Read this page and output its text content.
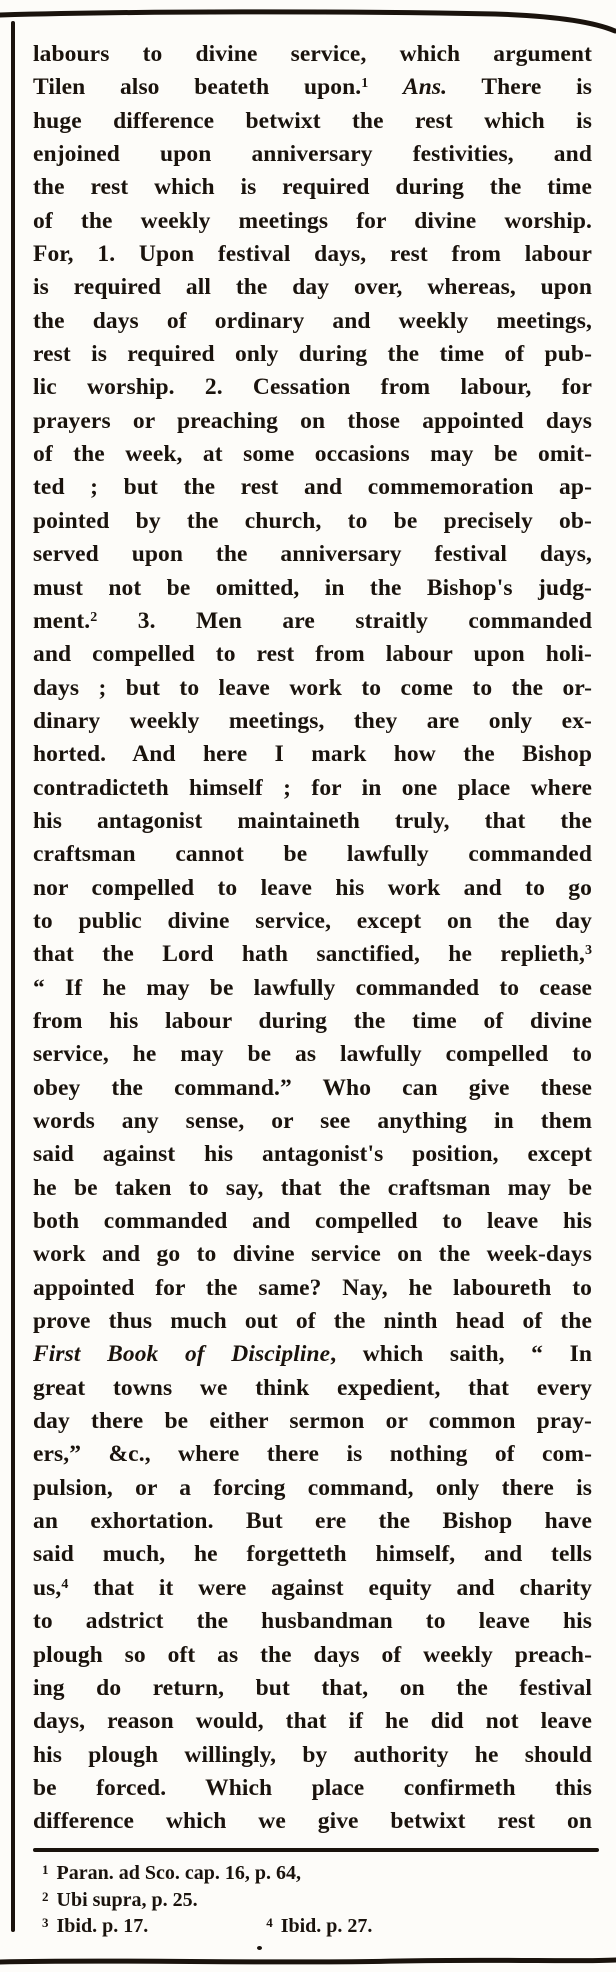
labours to divine service, which argument
Tilen also beateth upon.$^1$ Ans. There is
huge difference betwixt the rest which is
enjoined upon anniversary festivities, and
the rest which is required during the time
of the weekly meetings for divine worship.
For, 1. Upon festival days, rest from labour
is required all the day over, whereas, upon
the days of ordinary and weekly meetings,
rest is required only during the time of pub-
lic worship. 2. Cessation from labour, for
prayers or preaching on those appointed days
of the week, at some occasions may be omit-
ted ; but the rest and commemoration ap-
pointed by the church, to be precisely ob-
served upon the anniversary festival days,
must not be omitted, in the Bishop's judg-
ment.$^2$ 3. Men are straitly commanded
and compelled to rest from labour upon holi-
days ; but to leave work to come to the or-
dinary weekly meetings, they are only ex-
horted. And here I mark how the Bishop
contradicteth himself ; for in one place where
his antagonist maintaineth truly, that the
craftsman cannot be lawfully commanded
nor compelled to leave his work and to go
to public divine service, except on the day
that the Lord hath sanctified, he replieth,$^3$
“ If he may be lawfully commanded to cease
from his labour during the time of divine
service, he may be as lawfully compelled to
obey the command.” Who can give these
words any sense, or see anything in them
said against his antagonist's position, except
he be taken to say, that the craftsman may be
both commanded and compelled to leave his
work and go to divine service on the week-days
appointed for the same? Nay, he laboureth to
prove thus much out of the ninth head of the
First Book of Discipline, which saith, “ In
great towns we think expedient, that every
day there be either sermon or common pray-
ers,” &c., where there is nothing of com-
pulsion, or a forcing command, only there is
an exhortation. But ere the Bishop have
said much, he forgetteth himself, and tells
us,$^4$ that it were against equity and charity
to adstrict the husbandman to leave his
plough so oft as the days of weekly preach-
ing do return, but that, on the festival
days, reason would, that if he did not leave
his plough willingly, by authority he should
be forced. Which place confirmeth this
difference which we give betwixt rest on
$^1$ Paran. ad Sco. cap. 16, p. 64,
$^2$ Ubi supra, p. 25.
$^3$ Ibid. p. 17.	$^4$ Ibid. p. 27.
